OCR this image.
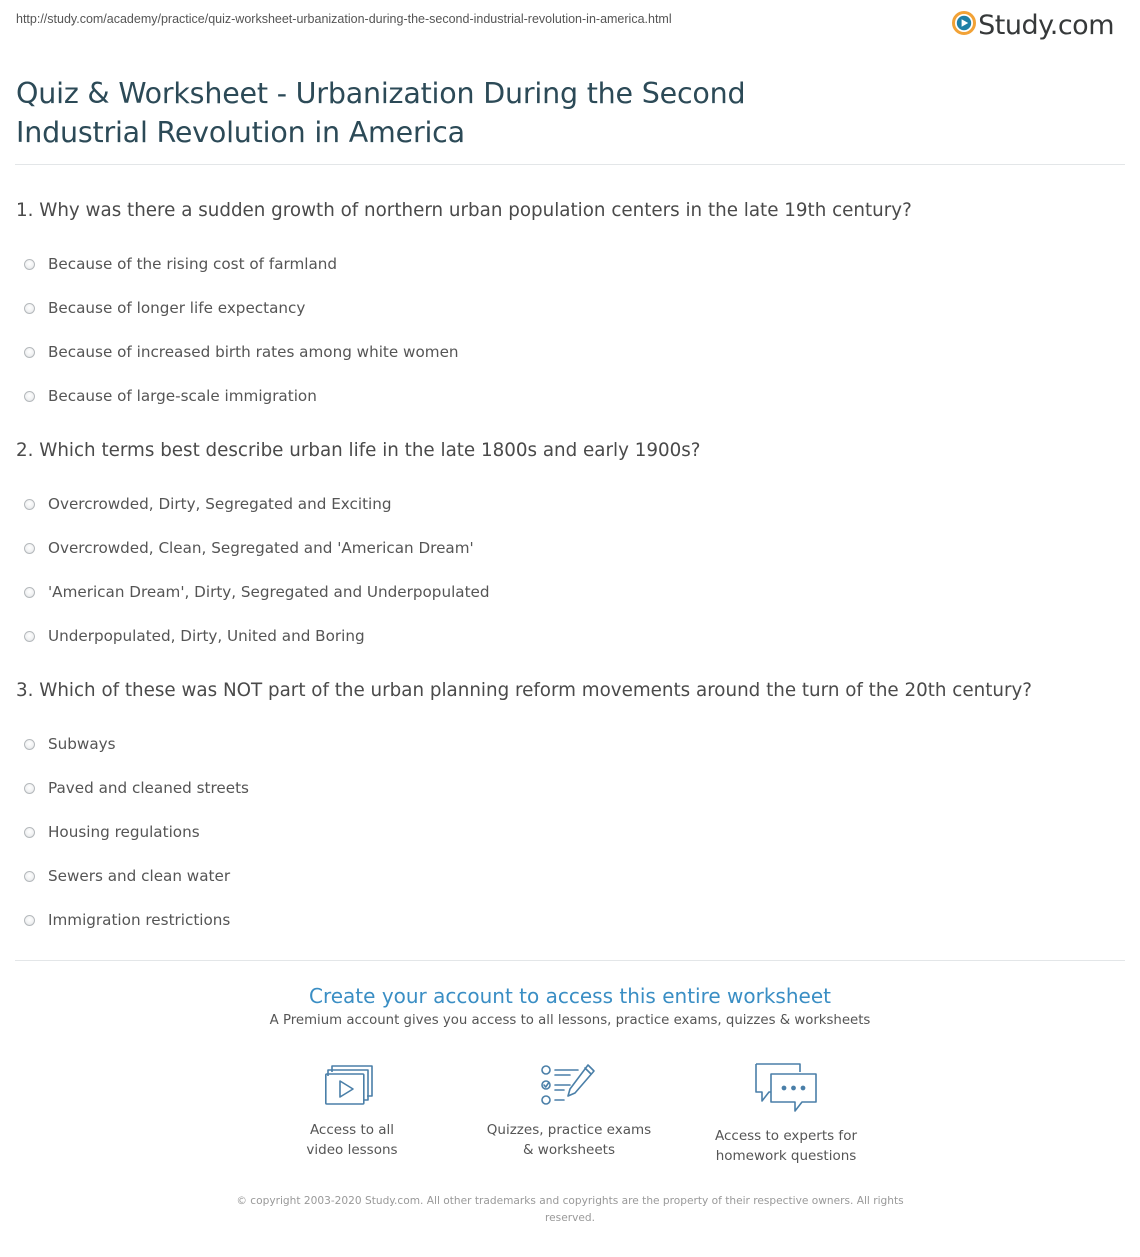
http://study.com/academy/practice/quiz-worksheet-urbanization-during-the-second-industrial-revolution-in-america.html	Study.com
Quiz & Worksheet - Urbanization During the Second Industrial Revolution in America

1. Why was there a sudden growth of northern urban population centers in the late 19th century?

Because of the rising cost of farmland
Because of longer life expectancy
Because of increased birth rates among white women
Because of large-scale immigration

2. Which terms best describe urban life in the late 1800s and early 1900s?

Overcrowded, Dirty, Segregated and Exciting
Overcrowded, Clean, Segregated and 'American Dream'
'American Dream', Dirty, Segregated and Underpopulated
Underpopulated, Dirty, United and Boring

3. Which of these was NOT part of the urban planning reform movements around the turn of the 20th century?

Subways
Paved and cleaned streets
Housing regulations
Sewers and clean water
Immigration restrictions
Create your account to access this entire worksheet
A Premium account gives you access to all lessons, practice exams, quizzes & worksheets
Access to all
video lessons
Quizzes, practice exams
& worksheets
Access to experts for
homework questions
© copyright 2003-2020 Study.com. All other trademarks and copyrights are the property of their respective owners. All rights reserved.
